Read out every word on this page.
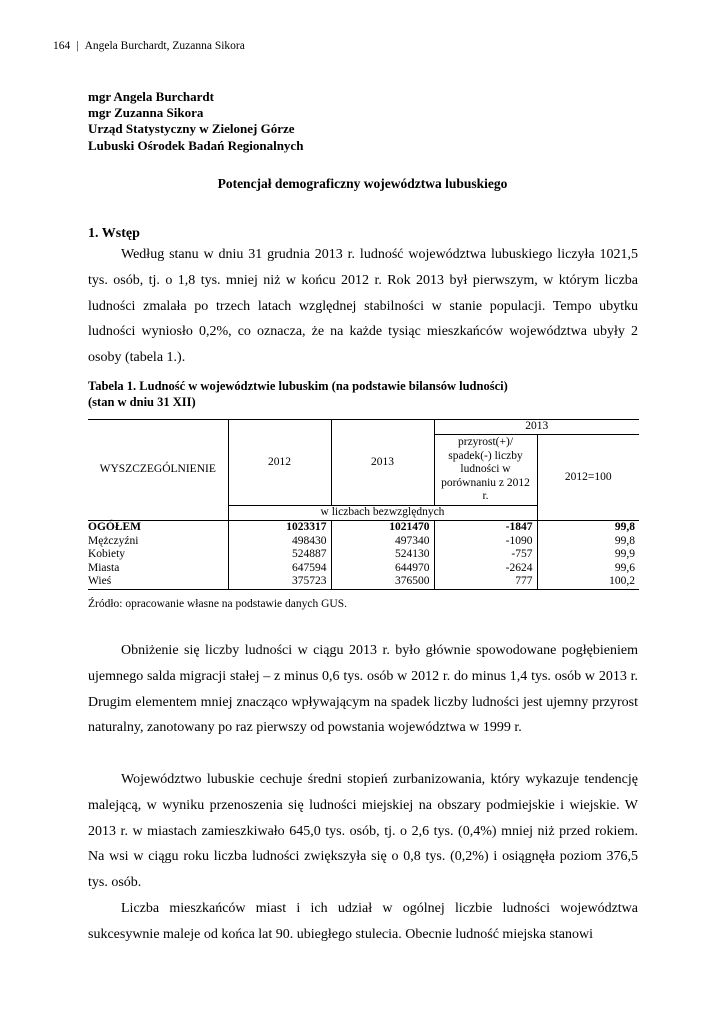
164 | Angela Burchardt, Zuzanna Sikora
mgr Angela Burchardt
mgr Zuzanna Sikora
Urząd Statystyczny w Zielonej Górze
Lubuski Ośrodek Badań Regionalnych
Potencjał demograficzny województwa lubuskiego
1. Wstęp

Według stanu w dniu 31 grudnia 2013 r. ludność województwa lubuskiego liczyła 1021,5 tys. osób, tj. o 1,8 tys. mniej niż w końcu 2012 r. Rok 2013 był pierwszym, w którym liczba ludności zmalała po trzech latach względnej stabilności w stanie populacji. Tempo ubytku ludności wyniosło 0,2%, co oznacza, że na każde tysiąc mieszkańców województwa ubyły 2 osoby (tabela 1.).

Tabela 1. Ludność w województwie lubuskim (na podstawie bilansów ludności)
(stan w dniu 31 XII)
WYSZCZEGÓLNIENIE	2012	2013	2013	
			przyrost(+)/ spadek(-) liczby ludności w porównaniu z 2012 r.	2012=100
	w liczbach bezwzględnych			
OGÓŁEM	1023317	1021470	-1847	99,8
Mężczyźni	498430	497340	-1090	99,8
Kobiety	524887	524130	-757	99,9
Miasta	647594	644970	-2624	99,6
Wieś	375723	376500	777	100,2
Źródło: opracowanie własne na podstawie danych GUS.

Obniżenie się liczby ludności w ciągu 2013 r. było głównie spowodowane pogłębieniem ujemnego salda migracji stałej – z minus 0,6 tys. osób w 2012 r. do minus 1,4 tys. osób w 2013 r. Drugim elementem mniej znacząco wpływającym na spadek liczby ludności jest ujemny przyrost naturalny, zanotowany po raz pierwszy od powstania województwa w 1999 r.

Województwo lubuskie cechuje średni stopień zurbanizowania, który wykazuje tendencję malejącą, w wyniku przenoszenia się ludności miejskiej na obszary podmiejskie i wiejskie. W 2013 r. w miastach zamieszkiwało 645,0 tys. osób, tj. o 2,6 tys. (0,4%) mniej niż przed rokiem. Na wsi w ciągu roku liczba ludności zwiększyła się o 0,8 tys. (0,2%) i osiągnęła poziom 376,5 tys. osób.

Liczba mieszkańców miast i ich udział w ogólnej liczbie ludności województwa sukcesywnie maleje od końca lat 90. ubiegłego stulecia. Obecnie ludność miejska stanowi
